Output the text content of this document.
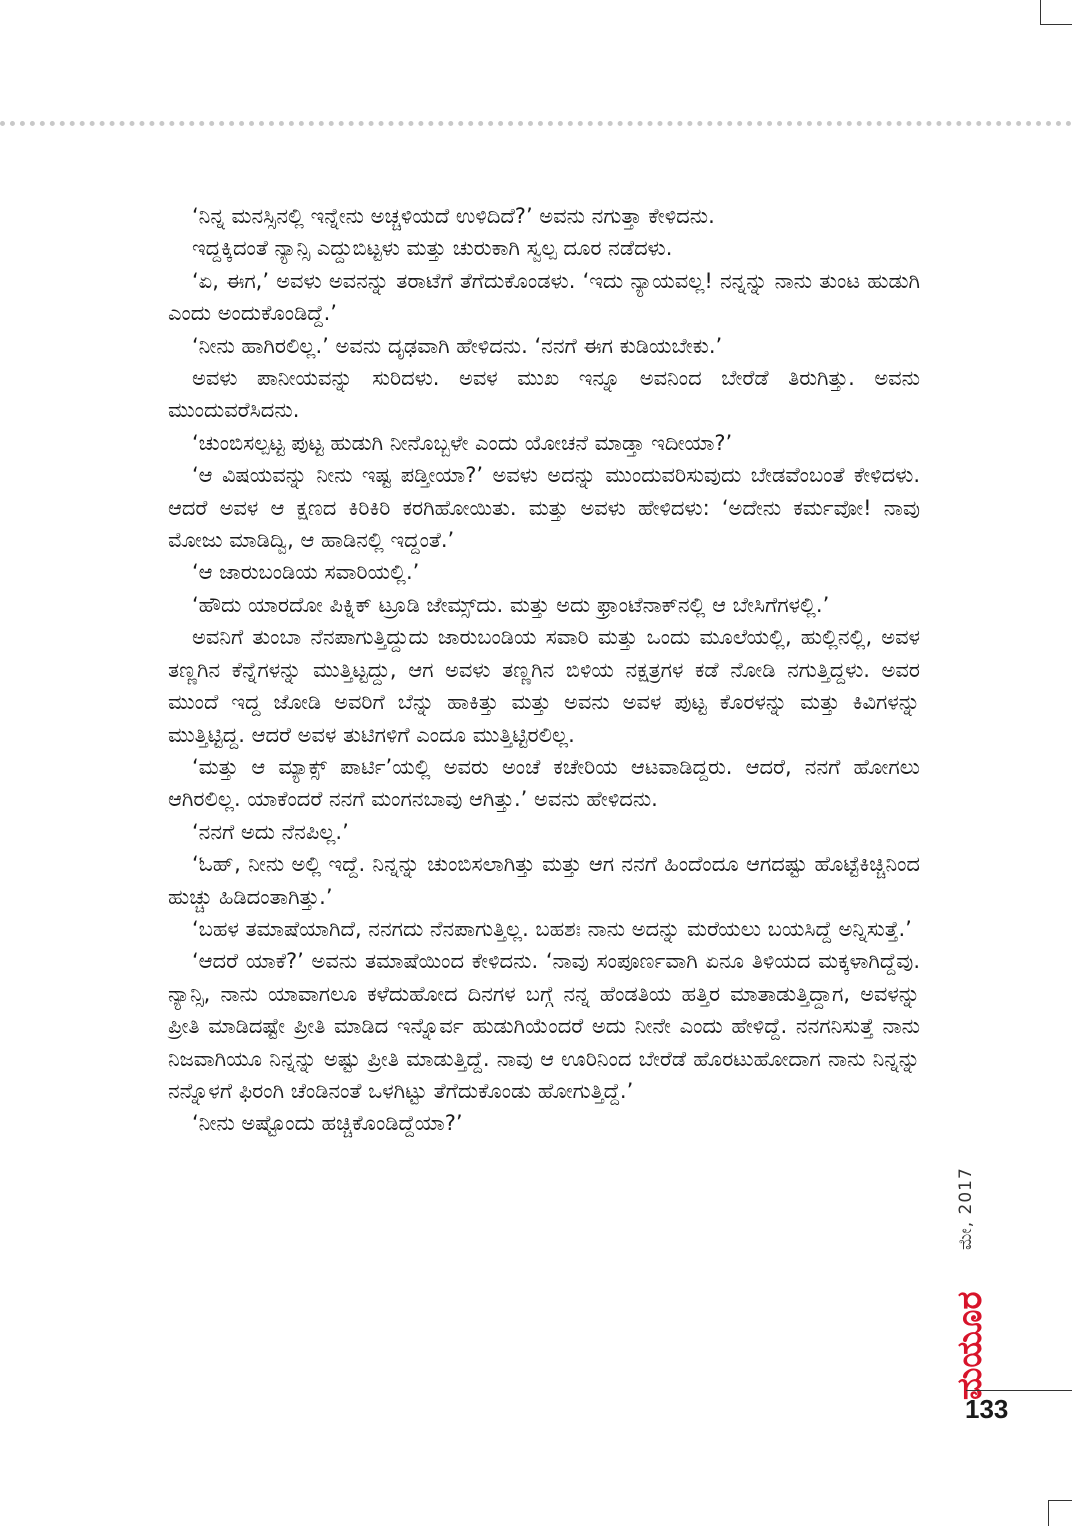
‘ನಿನ್ನ ಮನಸ್ಸಿನಲ್ಲಿ ಇನ್ನೇನು ಅಚ್ಚಳಿಯದೆ ಉಳಿದಿದೆ?’ ಅವನು ನಗುತ್ತಾ ಕೇಳಿದನು.

ಇದ್ದಕ್ಕಿದಂತೆ ನ್ಯಾನ್ಸಿ ಎದ್ದುಬಿಟ್ಟಳು ಮತ್ತು ಚುರುಕಾಗಿ ಸ್ವಲ್ಪ ದೂರ ನಡೆದಳು.

‘ಏ, ಈಗ,’ ಅವಳು ಅವನನ್ನು ತರಾಟೆಗೆ ತೆಗೆದುಕೊಂಡಳು. ‘ಇದು ನ್ಯಾಯವಲ್ಲ! ನನ್ನನ್ನು ನಾನು ತುಂಟ ಹುಡುಗಿ ಎಂದು ಅಂದುಕೊಂಡಿದ್ದೆ.’

‘ನೀನು ಹಾಗಿರಲಿಲ್ಲ.’ ಅವನು ದೃಢವಾಗಿ ಹೇಳಿದನು. ‘ನನಗೆ ಈಗ ಕುಡಿಯಬೇಕು.’

ಅವಳು ಪಾನೀಯವನ್ನು ಸುರಿದಳು. ಅವಳ ಮುಖ ಇನ್ನೂ ಅವನಿಂದ ಬೇರೆಡೆ ತಿರುಗಿತ್ತು. ಅವನು ಮುಂದುವರೆಸಿದನು.

‘ಚುಂಬಿಸಲ್ಪಟ್ಟ ಪುಟ್ಟ ಹುಡುಗಿ ನೀನೊಬ್ಬಳೇ ಎಂದು ಯೋಚನೆ ಮಾಡ್ತಾ ಇದೀಯಾ?’

‘ಆ ವಿಷಯವನ್ನು ನೀನು ಇಷ್ಟ ಪಡ್ತೀಯಾ?’ ಅವಳು ಅದನ್ನು ಮುಂದುವರಿಸುವುದು ಬೇಡವೆಂಬಂತೆ ಕೇಳಿದಳು. ಆದರೆ ಅವಳ ಆ ಕ್ಷಣದ ಕಿರಿಕಿರಿ ಕರಗಿಹೋಯಿತು. ಮತ್ತು ಅವಳು ಹೇಳಿದಳು: ‘ಅದೇನು ಕರ್ಮವೋ! ನಾವು ಮೋಜು ಮಾಡಿದ್ವಿ, ಆ ಹಾಡಿನಲ್ಲಿ ಇದ್ದಂತೆ.’

‘ಆ ಜಾರುಬಂಡಿಯ ಸವಾರಿಯಲ್ಲಿ.’

‘ಹೌದು ಯಾರದೋ ಪಿಕ್ನಿಕ್ ಟ್ರೂಡಿ ಜೇಮ್ಸ್‌ದು. ಮತ್ತು ಅದು ಫ್ರಾಂಟೆನಾಕ್‌ನಲ್ಲಿ ಆ ಬೇಸಿಗೆಗಳಲ್ಲಿ.’

ಅವನಿಗೆ ತುಂಬಾ ನೆನಪಾಗುತ್ತಿದ್ದುದು ಜಾರುಬಂಡಿಯ ಸವಾರಿ ಮತ್ತು ಒಂದು ಮೂಲೆಯಲ್ಲಿ, ಹುಲ್ಲಿನಲ್ಲಿ, ಅವಳ ತಣ್ಣಗಿನ ಕೆನ್ನೆಗಳನ್ನು ಮುತ್ತಿಟ್ಟದ್ದು, ಆಗ ಅವಳು ತಣ್ಣಗಿನ ಬಿಳಿಯ ನಕ್ಷತ್ರಗಳ ಕಡೆ ನೋಡಿ ನಗುತ್ತಿದ್ದಳು. ಅವರ ಮುಂದೆ ಇದ್ದ ಜೋಡಿ ಅವರಿಗೆ ಬೆನ್ನು ಹಾಕಿತ್ತು ಮತ್ತು ಅವನು ಅವಳ ಪುಟ್ಟ ಕೊರಳನ್ನು ಮತ್ತು ಕಿವಿಗಳನ್ನು ಮುತ್ತಿಟ್ಟಿದ್ದ. ಆದರೆ ಅವಳ ತುಟಿಗಳಿಗೆ ಎಂದೂ ಮುತ್ತಿಟ್ಟಿರಲಿಲ್ಲ.

‘ಮತ್ತು ಆ ಮ್ಯಾಕ್ಸ್ ಪಾರ್ಟಿ’ಯಲ್ಲಿ ಅವರು ಅಂಚೆ ಕಚೇರಿಯ ಆಟವಾಡಿದ್ದರು. ಆದರೆ, ನನಗೆ ಹೋಗಲು ಆಗಿರಲಿಲ್ಲ. ಯಾಕೆಂದರೆ ನನಗೆ ಮಂಗನಬಾವು ಆಗಿತ್ತು.’ ಅವನು ಹೇಳಿದನು.

‘ನನಗೆ ಅದು ನೆನಪಿಲ್ಲ.’

‘ಓಹ್, ನೀನು ಅಲ್ಲಿ ಇದ್ದೆ. ನಿನ್ನನ್ನು ಚುಂಬಿಸಲಾಗಿತ್ತು ಮತ್ತು ಆಗ ನನಗೆ ಹಿಂದೆಂದೂ ಆಗದಷ್ಟು ಹೊಟ್ಟೆಕಿಚ್ಚಿನಿಂದ ಹುಚ್ಚು ಹಿಡಿದಂತಾಗಿತ್ತು.’

‘ಬಹಳ ತಮಾಷೆಯಾಗಿದೆ, ನನಗದು ನೆನಪಾಗುತ್ತಿಲ್ಲ. ಬಹಶಃ ನಾನು ಅದನ್ನು ಮರೆಯಲು ಬಯಸಿದ್ದೆ ಅನ್ನಿಸುತ್ತೆ.’

‘ಆದರೆ ಯಾಕೆ?’ ಅವನು ತಮಾಷೆಯಿಂದ ಕೇಳಿದನು. ‘ನಾವು ಸಂಪೂರ್ಣವಾಗಿ ಏನೂ ತಿಳಿಯದ ಮಕ್ಕಳಾಗಿದ್ದೆವು. ನ್ಯಾನ್ಸಿ, ನಾನು ಯಾವಾಗಲೂ ಕಳೆದುಹೋದ ದಿನಗಳ ಬಗ್ಗೆ ನನ್ನ ಹೆಂಡತಿಯ ಹತ್ತಿರ ಮಾತಾಡುತ್ತಿದ್ದಾಗ, ಅವಳನ್ನು ಪ್ರೀತಿ ಮಾಡಿದಷ್ಟೇ ಪ್ರೀತಿ ಮಾಡಿದ ಇನ್ನೊರ್ವ ಹುಡುಗಿಯೆಂದರೆ ಅದು ನೀನೇ ಎಂದು ಹೇಳಿದ್ದೆ. ನನಗನಿಸುತ್ತೆ ನಾನು ನಿಜವಾಗಿಯೂ ನಿನ್ನನ್ನು ಅಷ್ಟು ಪ್ರೀತಿ ಮಾಡುತ್ತಿದ್ದೆ. ನಾವು ಆ ಊರಿನಿಂದ ಬೇರೆಡೆ ಹೊರಟುಹೋದಾಗ ನಾನು ನಿನ್ನನ್ನು ನನ್ನೊಳಗೆ ಫಿರಂಗಿ ಚೆಂಡಿನಂತೆ ಒಳಗಿಟ್ಟು ತೆಗೆದುಕೊಂಡು ಹೋಗುತ್ತಿದ್ದೆ.’

‘ನೀನು ಅಷ್ಟೊಂದು ಹಚ್ಚಿಕೊಂಡಿದ್ದೆಯಾ?’

ಮೇ, 2017
ಮಯೂರ
133
